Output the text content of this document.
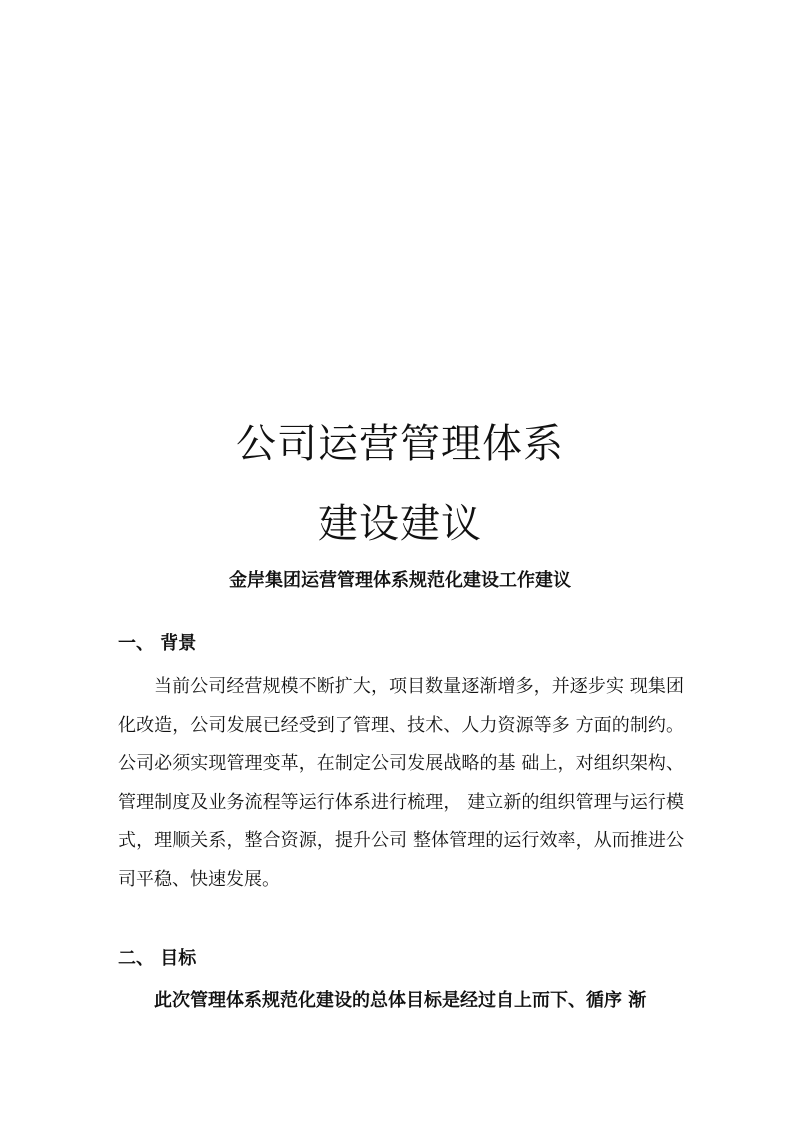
公司运营管理体系
建设建议
金岸集团运营管理体系规范化建设工作建议
一、 背景

当前公司经营规模不断扩大，项目数量逐渐增多，并逐步实 现集团化改造，公司发展已经受到了管理、技术、人力资源等多 方面的制约。公司必须实现管理变革，在制定公司发展战略的基 础上，对组织架构、管理制度及业务流程等运行体系进行梳理， 建立新的组织管理与运行模式，理顺关系，整合资源，提升公司 整体管理的运行效率，从而推进公司平稳、快速发展。

二、 目标

此次管理体系规范化建设的总体目标是经过自上而下、循序 渐
